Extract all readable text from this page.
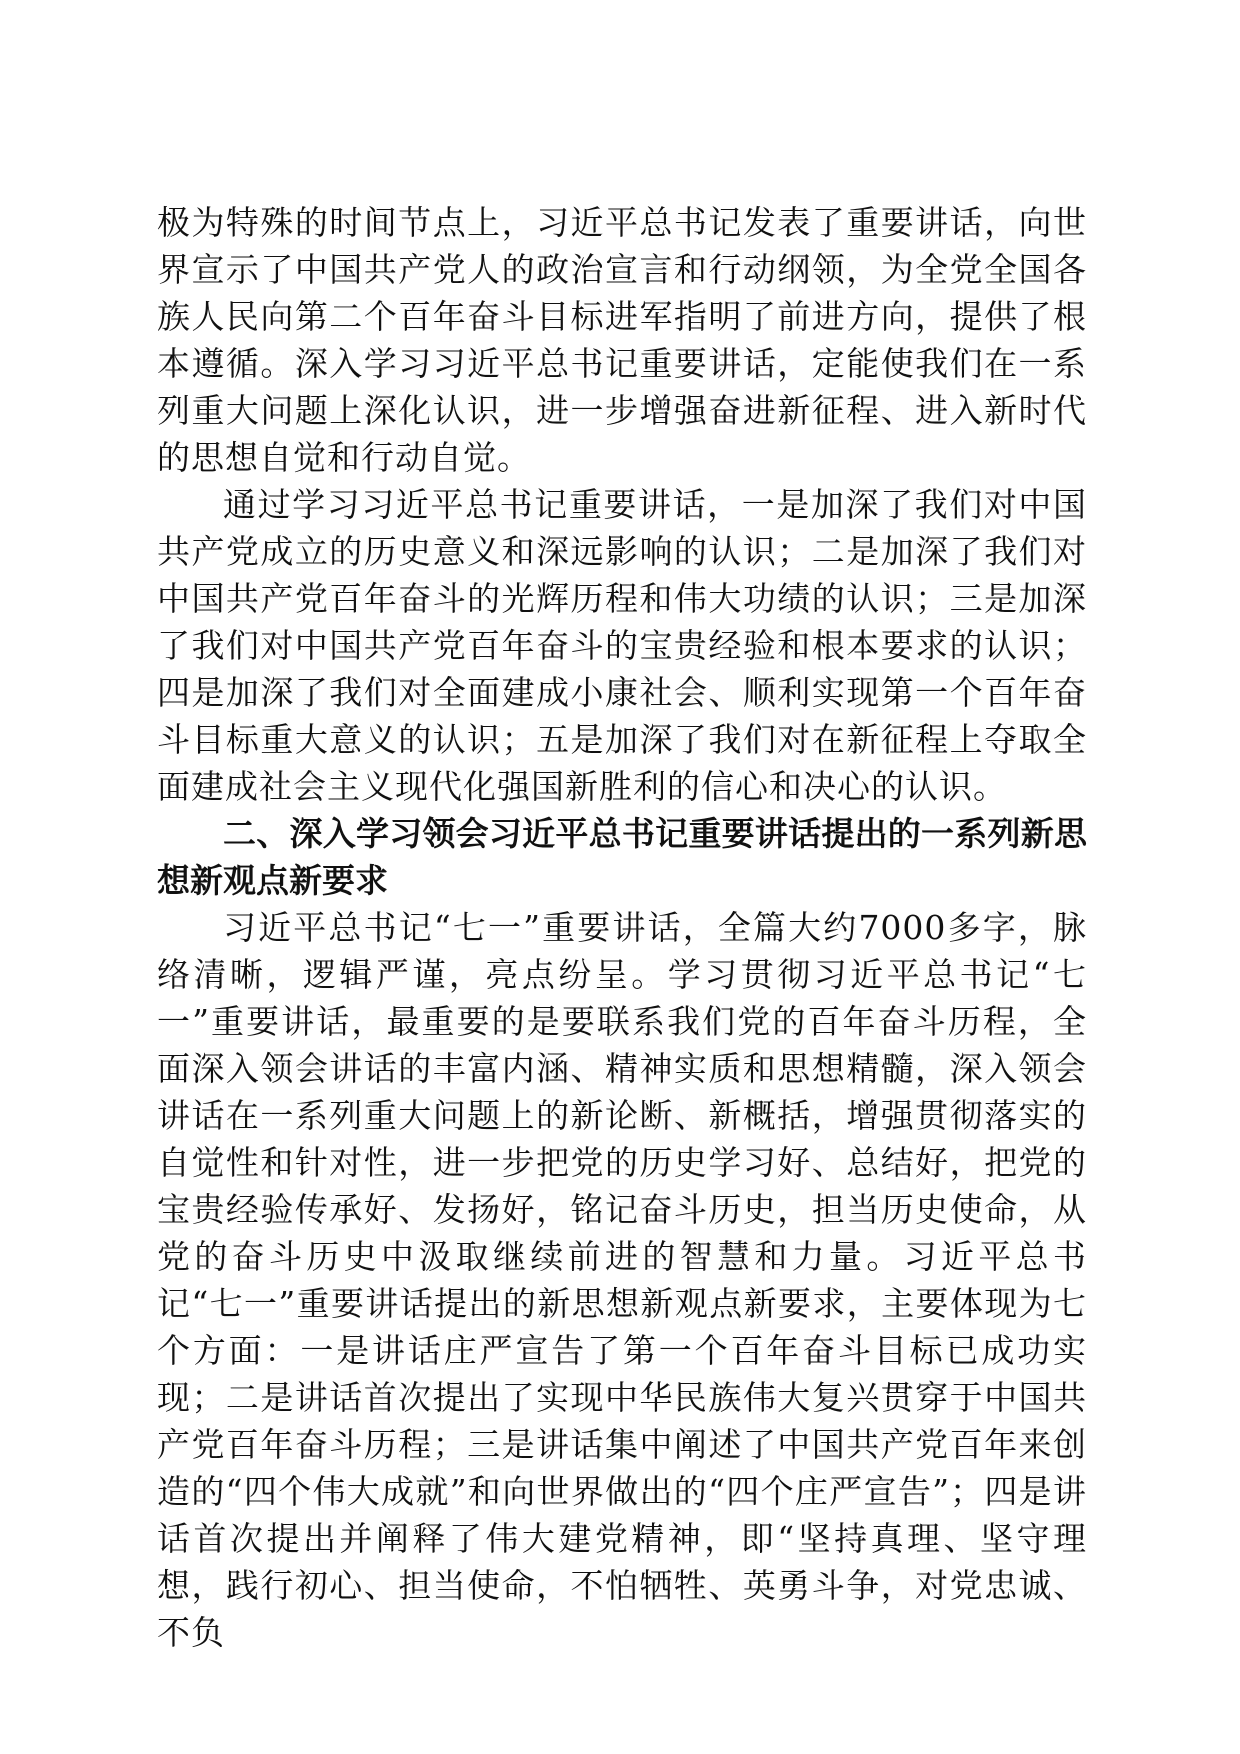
极为特殊的时间节点上，习近平总书记发表了重要讲话，向世界宣示了中国共产党人的政治宣言和行动纲领，为全党全国各族人民向第二个百年奋斗目标进军指明了前进方向，提供了根本遵循。深入学习习近平总书记重要讲话，定能使我们在一系列重大问题上深化认识，进一步增强奋进新征程、进入新时代的思想自觉和行动自觉。

通过学习习近平总书记重要讲话，一是加深了我们对中国共产党成立的历史意义和深远影响的认识；二是加深了我们对中国共产党百年奋斗的光辉历程和伟大功绩的认识；三是加深了我们对中国共产党百年奋斗的宝贵经验和根本要求的认识；四是加深了我们对全面建成小康社会、顺利实现第一个百年奋斗目标重大意义的认识；五是加深了我们对在新征程上夺取全面建成社会主义现代化强国新胜利的信心和决心的认识。

二、深入学习领会习近平总书记重要讲话提出的一系列新思想新观点新要求

习近平总书记“七一”重要讲话，全篇大约7000多字，脉络清晰，逻辑严谨，亮点纷呈。学习贯彻习近平总书记“七一”重要讲话，最重要的是要联系我们党的百年奋斗历程，全面深入领会讲话的丰富内涵、精神实质和思想精髓，深入领会讲话在一系列重大问题上的新论断、新概括，增强贯彻落实的自觉性和针对性，进一步把党的历史学习好、总结好，把党的宝贵经验传承好、发扬好，铭记奋斗历史，担当历史使命，从党的奋斗历史中汲取继续前进的智慧和力量。习近平总书记“七一”重要讲话提出的新思想新观点新要求，主要体现为七个方面：一是讲话庄严宣告了第一个百年奋斗目标已成功实现；二是讲话首次提出了实现中华民族伟大复兴贯穿于中国共产党百年奋斗历程；三是讲话集中阐述了中国共产党百年来创造的“四个伟大成就”和向世界做出的“四个庄严宣告”；四是讲话首次提出并阐释了伟大建党精神，即“坚持真理、坚守理想，践行初心、担当使命，不怕牺牲、英勇斗争，对党忠诚、不负
